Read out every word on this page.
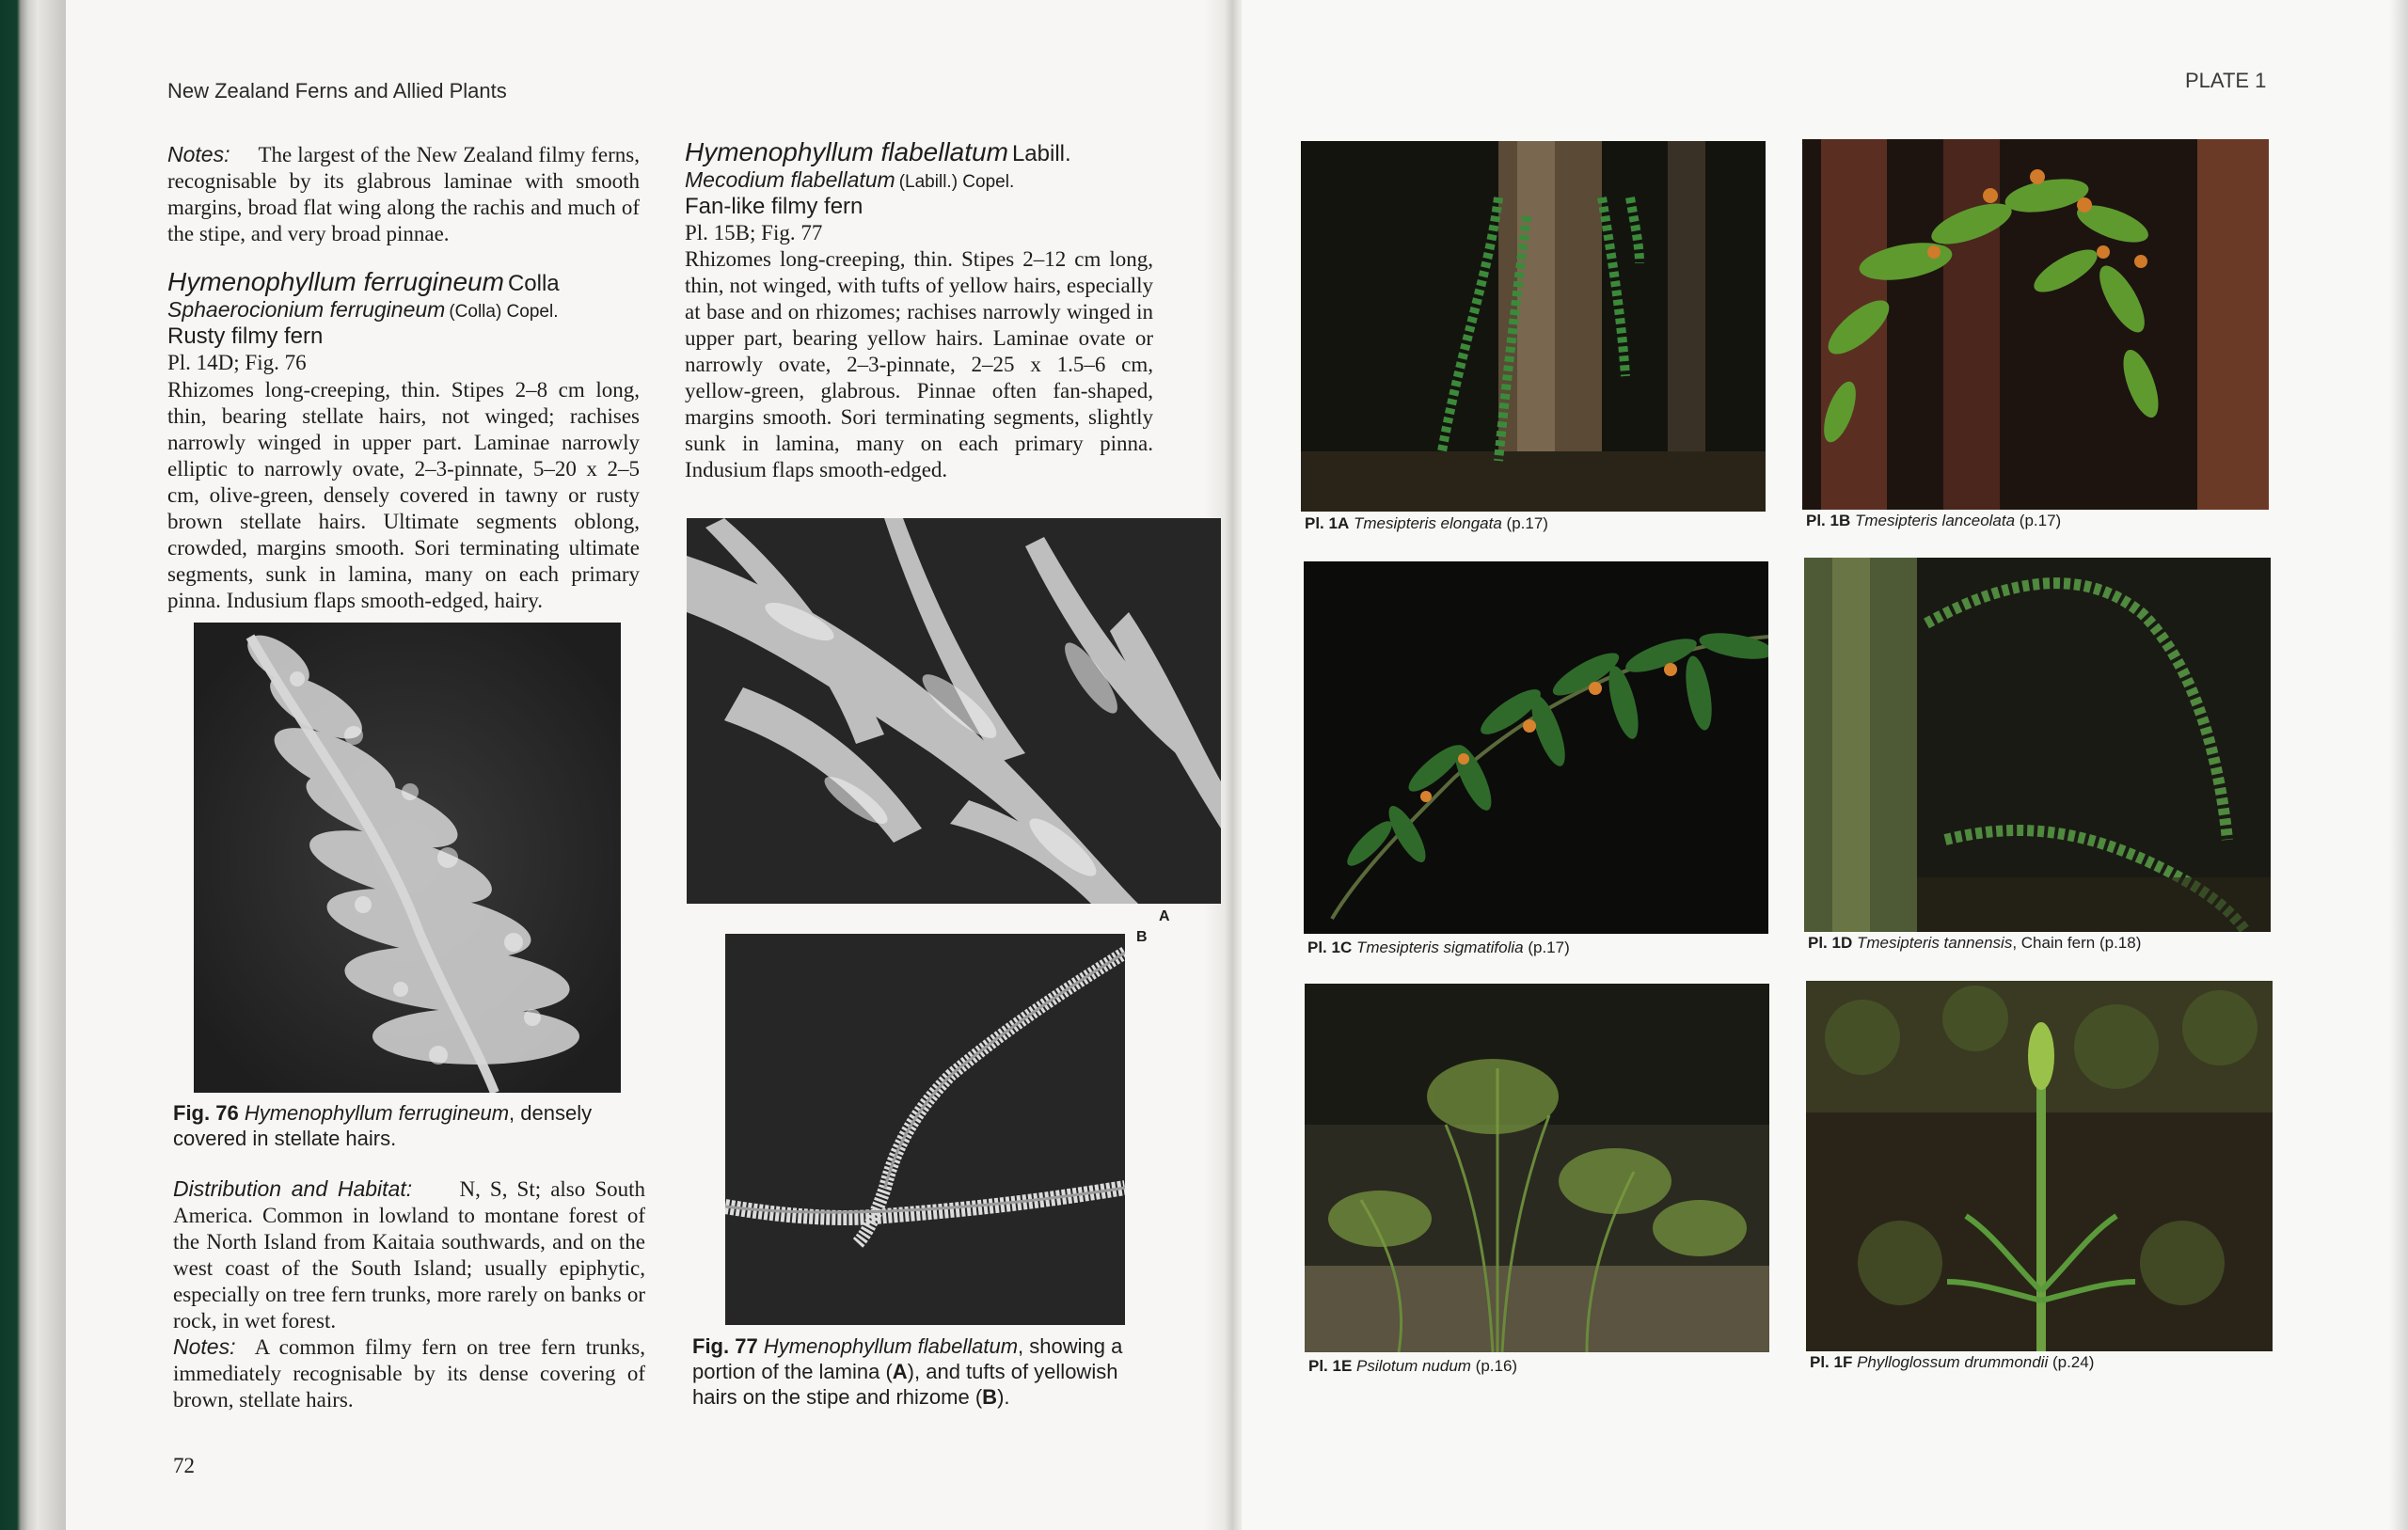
New Zealand Ferns and Allied Plants
Notes: The largest of the New Zealand filmy ferns, recognisable by its glabrous laminae with smooth margins, broad flat wing along the rachis and much of the stipe, and very broad pinnae.
Hymenophyllum ferrugineum Colla
Sphaerocionium ferrugineum (Colla) Copel.
Rusty filmy fern
Pl. 14D; Fig. 76
Rhizomes long-creeping, thin. Stipes 2–8 cm long, thin, bearing stellate hairs, not winged; rachises narrowly winged in upper part. Laminae narrowly elliptic to narrowly ovate, 2–3-pinnate, 5–20 x 2–5 cm, olive-green, densely covered in tawny or rusty brown stellate hairs. Ultimate segments oblong, crowded, margins smooth. Sori terminating ultimate segments, sunk in lamina, many on each primary pinna. Indusium flaps smooth-edged, hairy.
Fig. 76 Hymenophyllum ferrugineum, densely covered in stellate hairs.
Distribution and Habitat: N, S, St; also South America. Common in lowland to montane forest of the North Island from Kaitaia southwards, and on the west coast of the South Island; usually epiphytic, especially on tree fern trunks, more rarely on banks or rock, in wet forest.
Notes: A common filmy fern on tree fern trunks, immediately recognisable by its dense covering of brown, stellate hairs.
72
Hymenophyllum flabellatum Labill.
Mecodium flabellatum (Labill.) Copel.
Fan-like filmy fern
Pl. 15B; Fig. 77
Rhizomes long-creeping, thin. Stipes 2–12 cm long, thin, not winged, with tufts of yellow hairs, especially at base and on rhizomes; rachises narrowly winged in upper part, bearing yellow hairs. Laminae ovate or narrowly ovate, 2–3-pinnate, 2–25 x 1.5–6 cm, yellow-green, glabrous. Pinnae often fan-shaped, margins smooth. Sori terminating segments, slightly sunk in lamina, many on each primary pinna. Indusium flaps smooth-edged.
A
B
Fig. 77 Hymenophyllum flabellatum, showing a portion of the lamina (A), and tufts of yellowish hairs on the stipe and rhizome (B).
PLATE 1
Pl. 1A Tmesipteris elongata (p.17)	Pl. 1B Tmesipteris lanceolata (p.17)
Pl. 1C Tmesipteris sigmatifolia (p.17)	Pl. 1D Tmesipteris tannensis, Chain fern (p.18)
Pl. 1E Psilotum nudum (p.16)	Pl. 1F Phylloglossum drummondii (p.24)
